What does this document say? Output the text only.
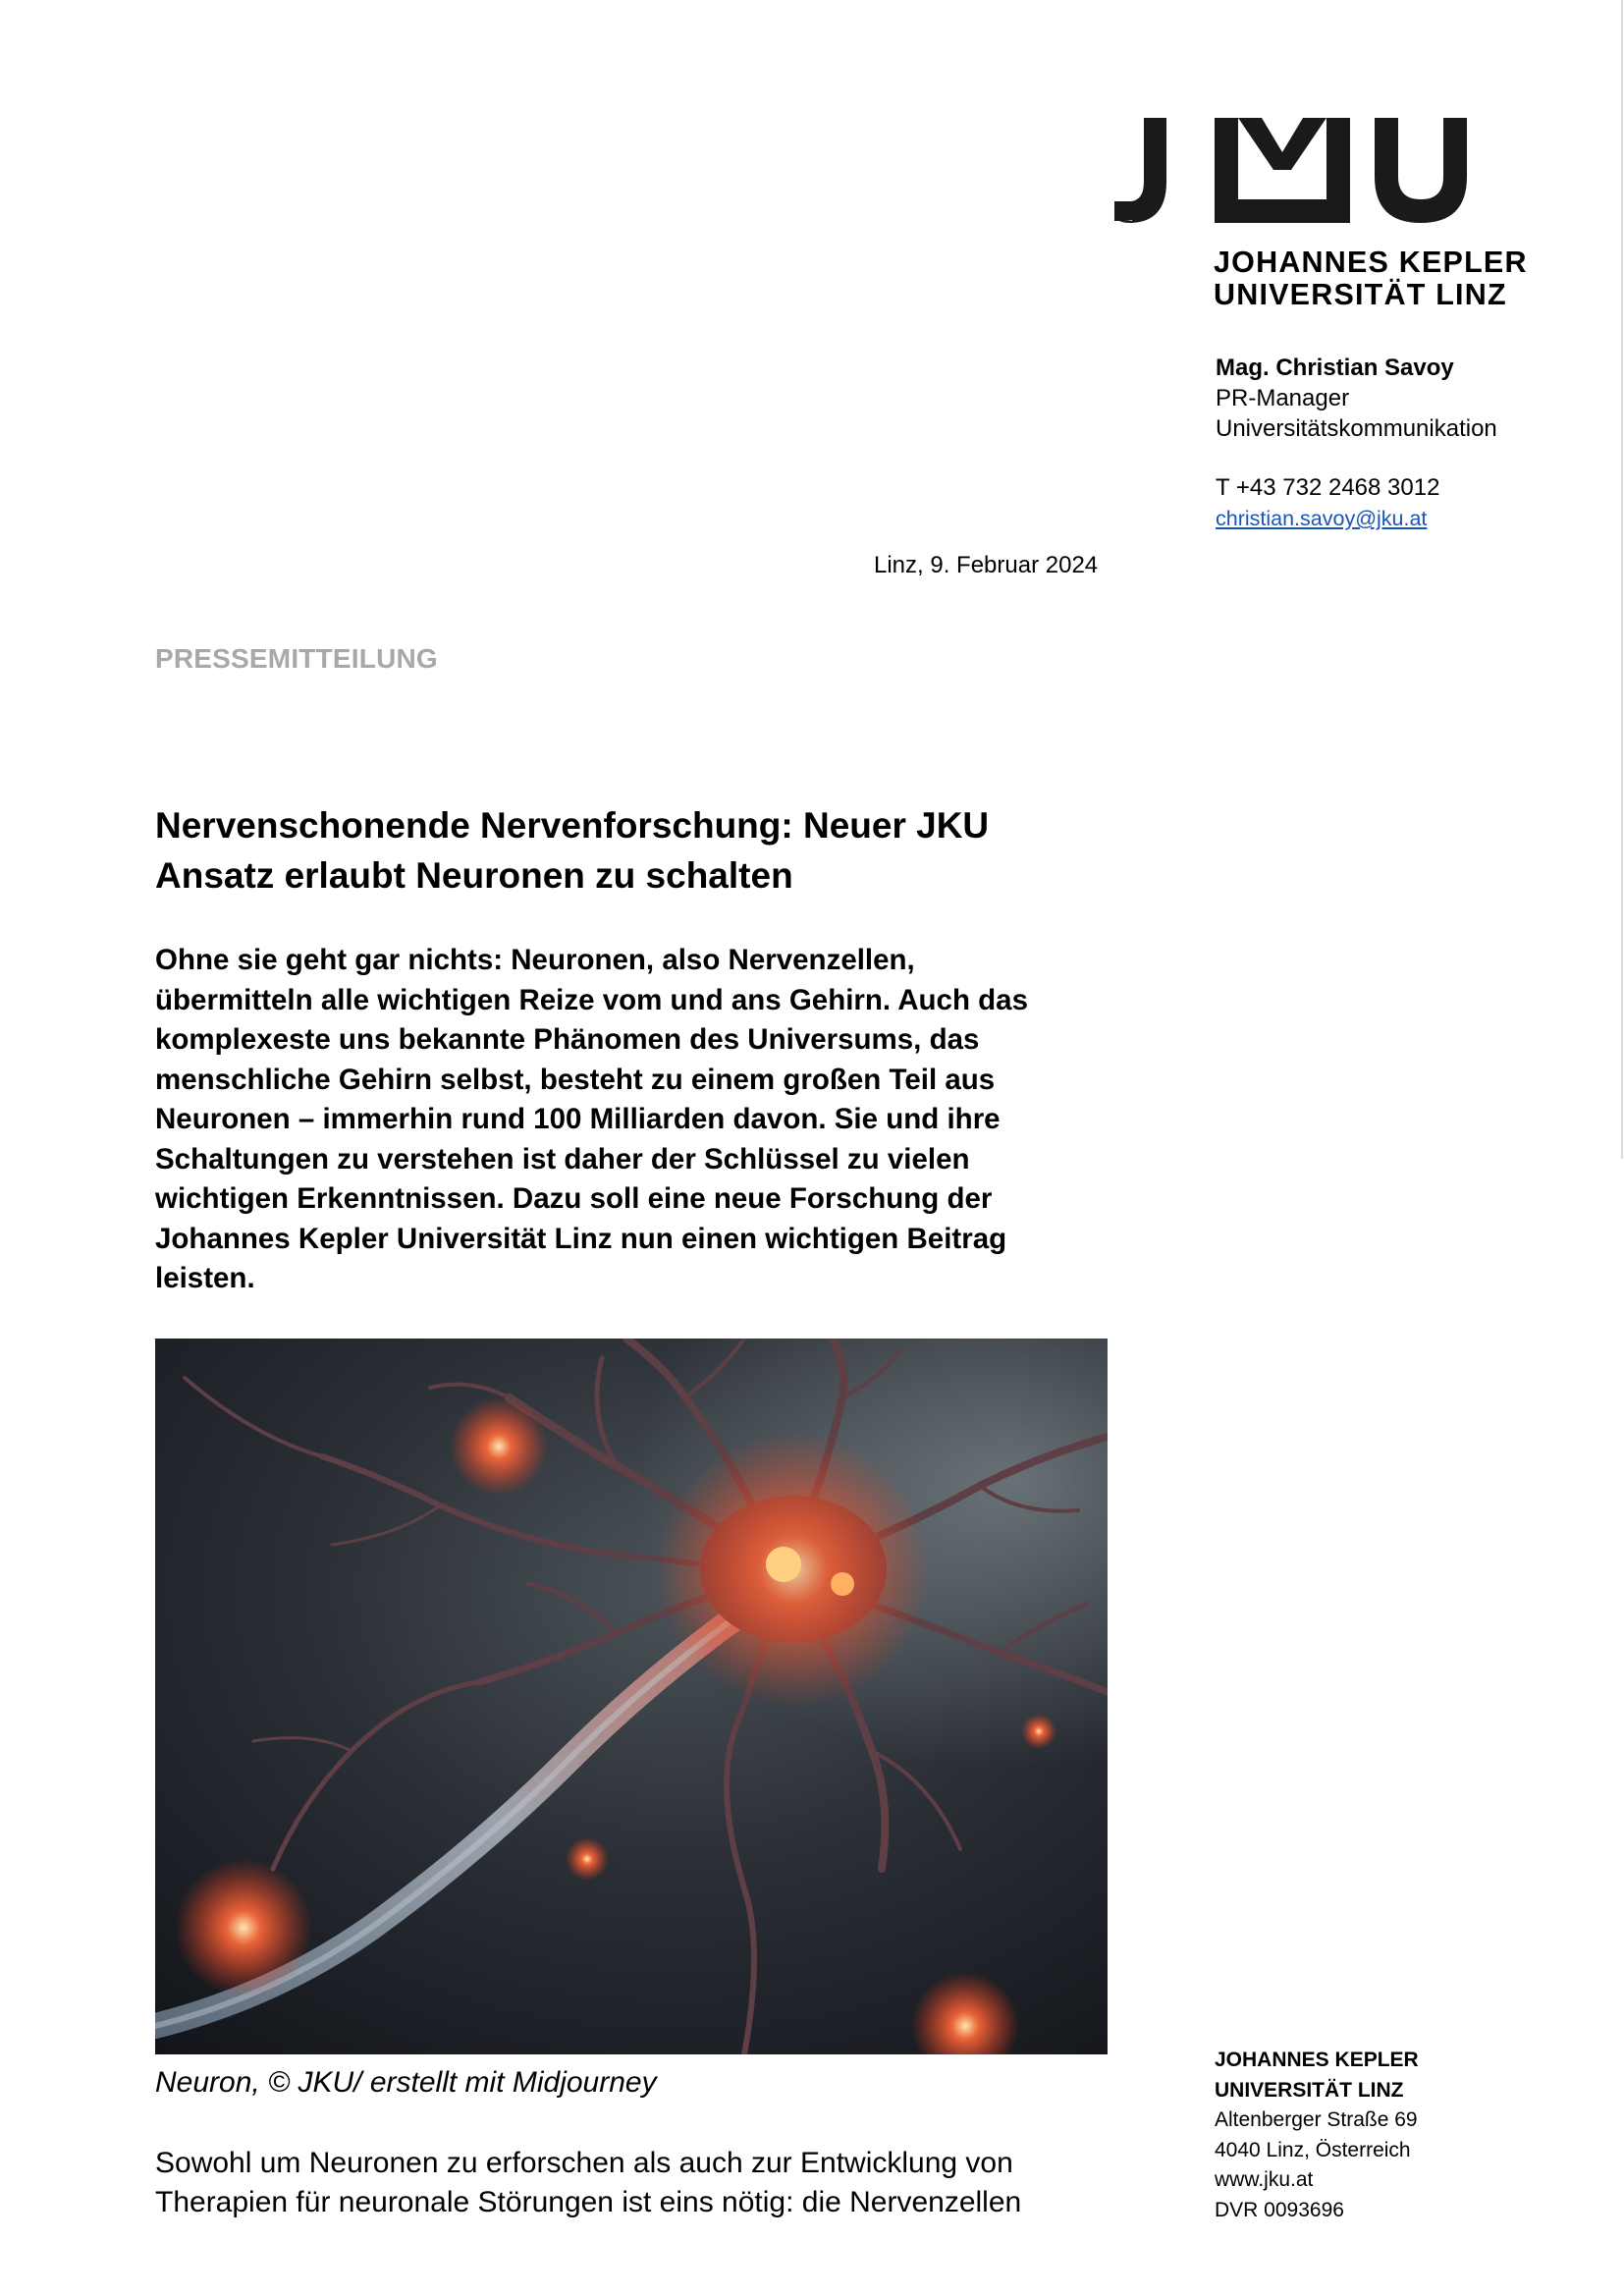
JOHANNES KEPLER
UNIVERSITÄT LINZ
Mag. Christian Savoy
PR-Manager
Universitätskommunikation
T +43 732 2468 3012
christian.savoy@jku.at
Linz, 9. Februar 2024
PRESSEMITTEILUNG
Nervenschonende Nervenforschung: Neuer JKU
Ansatz erlaubt Neuronen zu schalten
Ohne sie geht gar nichts: Neuronen, also Nervenzellen,
übermitteln alle wichtigen Reize vom und ans Gehirn. Auch das
komplexeste uns bekannte Phänomen des Universums, das
menschliche Gehirn selbst, besteht zu einem großen Teil aus
Neuronen – immerhin rund 100 Milliarden davon. Sie und ihre
Schaltungen zu verstehen ist daher der Schlüssel zu vielen
wichtigen Erkenntnissen. Dazu soll eine neue Forschung der
Johannes Kepler Universität Linz nun einen wichtigen Beitrag
leisten.
Neuron, © JKU/ erstellt mit Midjourney
Sowohl um Neuronen zu erforschen als auch zur Entwicklung von
Therapien für neuronale Störungen ist eins nötig: die Nervenzellen
JOHANNES KEPLER
UNIVERSITÄT LINZ
Altenberger Straße 69
4040 Linz, Österreich
www.jku.at
DVR 0093696
